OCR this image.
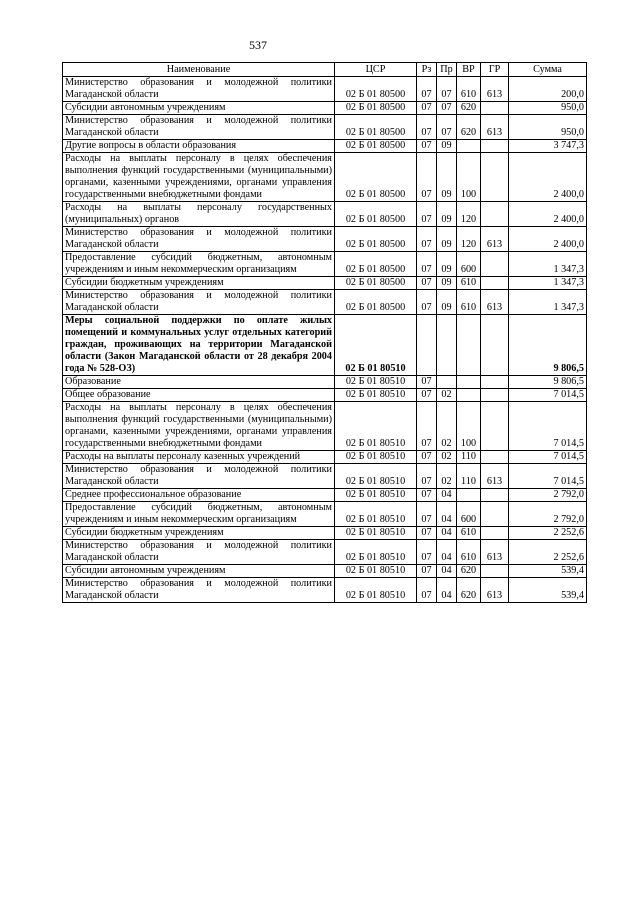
537
Наименование	ЦСР	Рз	Пр	ВР	ГР	Сумма
Министерство образования и молодежной политики Магаданской области	02 Б 01 80500	07	07	610	613	200,0
Субсидии автономным учреждениям	02 Б 01 80500	07	07	620		950,0
Министерство образования и молодежной политики Магаданской области	02 Б 01 80500	07	07	620	613	950,0
Другие вопросы в области образования	02 Б 01 80500	07	09			3 747,3
Расходы на выплаты персоналу в целях обеспечения выполнения функций государственными (муниципальными) органами, казенными учреждениями, органами управления государственными внебюджетными фондами	02 Б 01 80500	07	09	100		2 400,0
Расходы на выплаты персоналу государственных (муниципальных) органов	02 Б 01 80500	07	09	120		2 400,0
Министерство образования и молодежной политики Магаданской области	02 Б 01 80500	07	09	120	613	2 400,0
Предоставление субсидий бюджетным, автономным учреждениям и иным некоммерческим организациям	02 Б 01 80500	07	09	600		1 347,3
Субсидии бюджетным учреждениям	02 Б 01 80500	07	09	610		1 347,3
Министерство образования и молодежной политики Магаданской области	02 Б 01 80500	07	09	610	613	1 347,3
Меры социальной поддержки по оплате жилых помещений и коммунальных услуг отдельных категорий граждан, проживающих на территории Магаданской области (Закон Магаданской области от 28 декабря 2004 года № 528-ОЗ)	02 Б 01 80510					9 806,5
Образование	02 Б 01 80510	07				9 806,5
Общее образование	02 Б 01 80510	07	02			7 014,5
Расходы на выплаты персоналу в целях обеспечения выполнения функций государственными (муниципальными) органами, казенными учреждениями, органами управления государственными внебюджетными фондами	02 Б 01 80510	07	02	100		7 014,5
Расходы на выплаты персоналу казенных учреждений	02 Б 01 80510	07	02	110		7 014,5
Министерство образования и молодежной политики Магаданской области	02 Б 01 80510	07	02	110	613	7 014,5
Среднее профессиональное образование	02 Б 01 80510	07	04			2 792,0
Предоставление субсидий бюджетным, автономным учреждениям и иным некоммерческим организациям	02 Б 01 80510	07	04	600		2 792,0
Субсидии бюджетным учреждениям	02 Б 01 80510	07	04	610		2 252,6
Министерство образования и молодежной политики Магаданской области	02 Б 01 80510	07	04	610	613	2 252,6
Субсидии автономным учреждениям	02 Б 01 80510	07	04	620		539,4
Министерство образования и молодежной политики Магаданской области	02 Б 01 80510	07	04	620	613	539,4
